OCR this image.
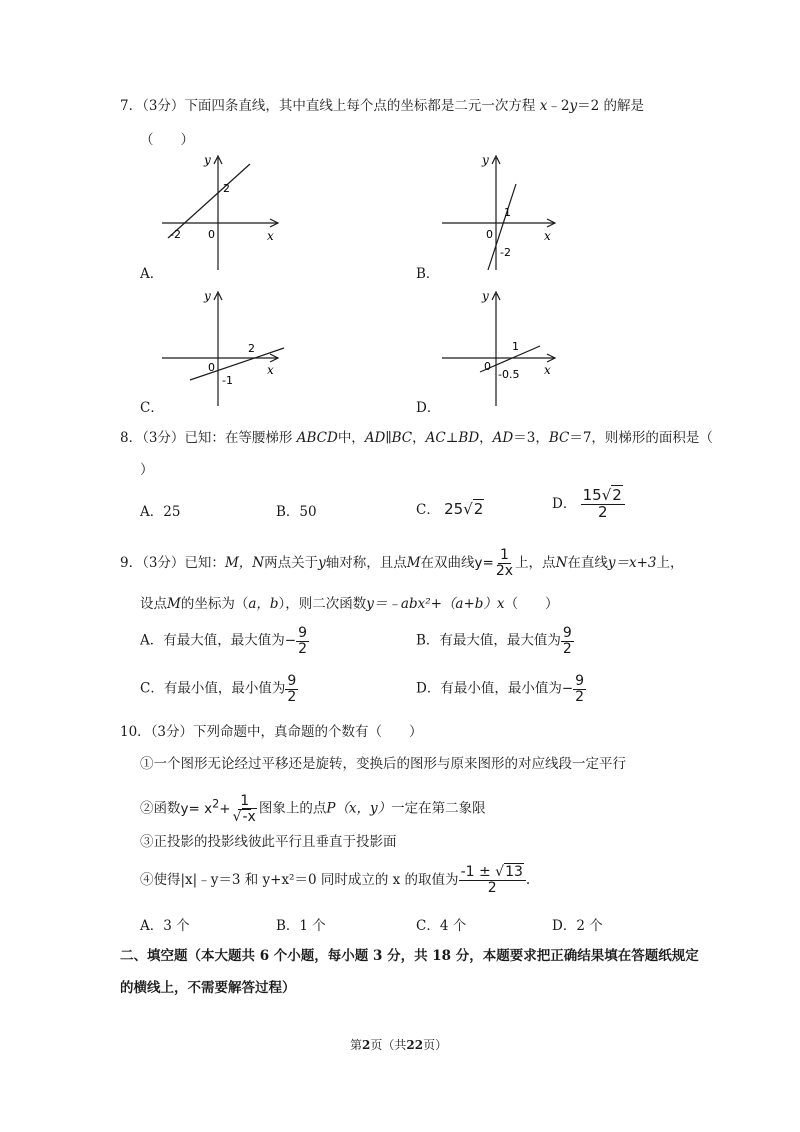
7．（3分）下面四条直线，其中直线上每个点的坐标都是二元一次方程 x﹣2y＝2 的解是
（　　）
y
x
2
-2 0
A．
y
x
1
0
-2
B．
y
x
2
0
-1
C．
y
x
1
0
-0.5
D．
8．（3分）已知：在等腰梯形 ABCD中，AD∥BC，AC⊥BD，AD＝3，BC＝7，则梯形的面积是（
）
A．25	B．50	C． 25√2	D． $\frac{15√2}{2}$
9．（3分）已知：M，N两点关于y轴对称，且点M在双曲线$y= \frac{1}{2x}$ 上，点N在直线y＝x+3上，
设点M的坐标为（a，b），则二次函数y＝﹣abx²+（a+b）x（　　）
A．有最大值，最大值为− $\frac{9}{2}$	B．有最大值，最大值为 $\frac{9}{2}$
C．有最小值，最小值为 $\frac{9}{2}$	D．有最小值，最小值为− $\frac{9}{2}$
10．（3分）下列命题中，真命题的个数有（　　）
①一个图形无论经过平移还是旋转，变换后的图形与原来图形的对应线段一定平行
②函数$y= x^2+ \frac{1}{√-x}$ 图象上的点P（x，y）一定在第二象限
③正投影的投影线彼此平行且垂直于投影面
④使得|x|﹣y＝3 和 y+x²＝0 同时成立的 x 的取值为 $\frac{-1 \pm √13}{2}$ .
A．3 个	B．1 个	C．4 个	D．2 个
二、填空题（本大题共 6 个小题，每小题 3 分，共 18 分，本题要求把正确结果填在答题纸规定
的横线上，不需要解答过程）
第2页（共22页）
